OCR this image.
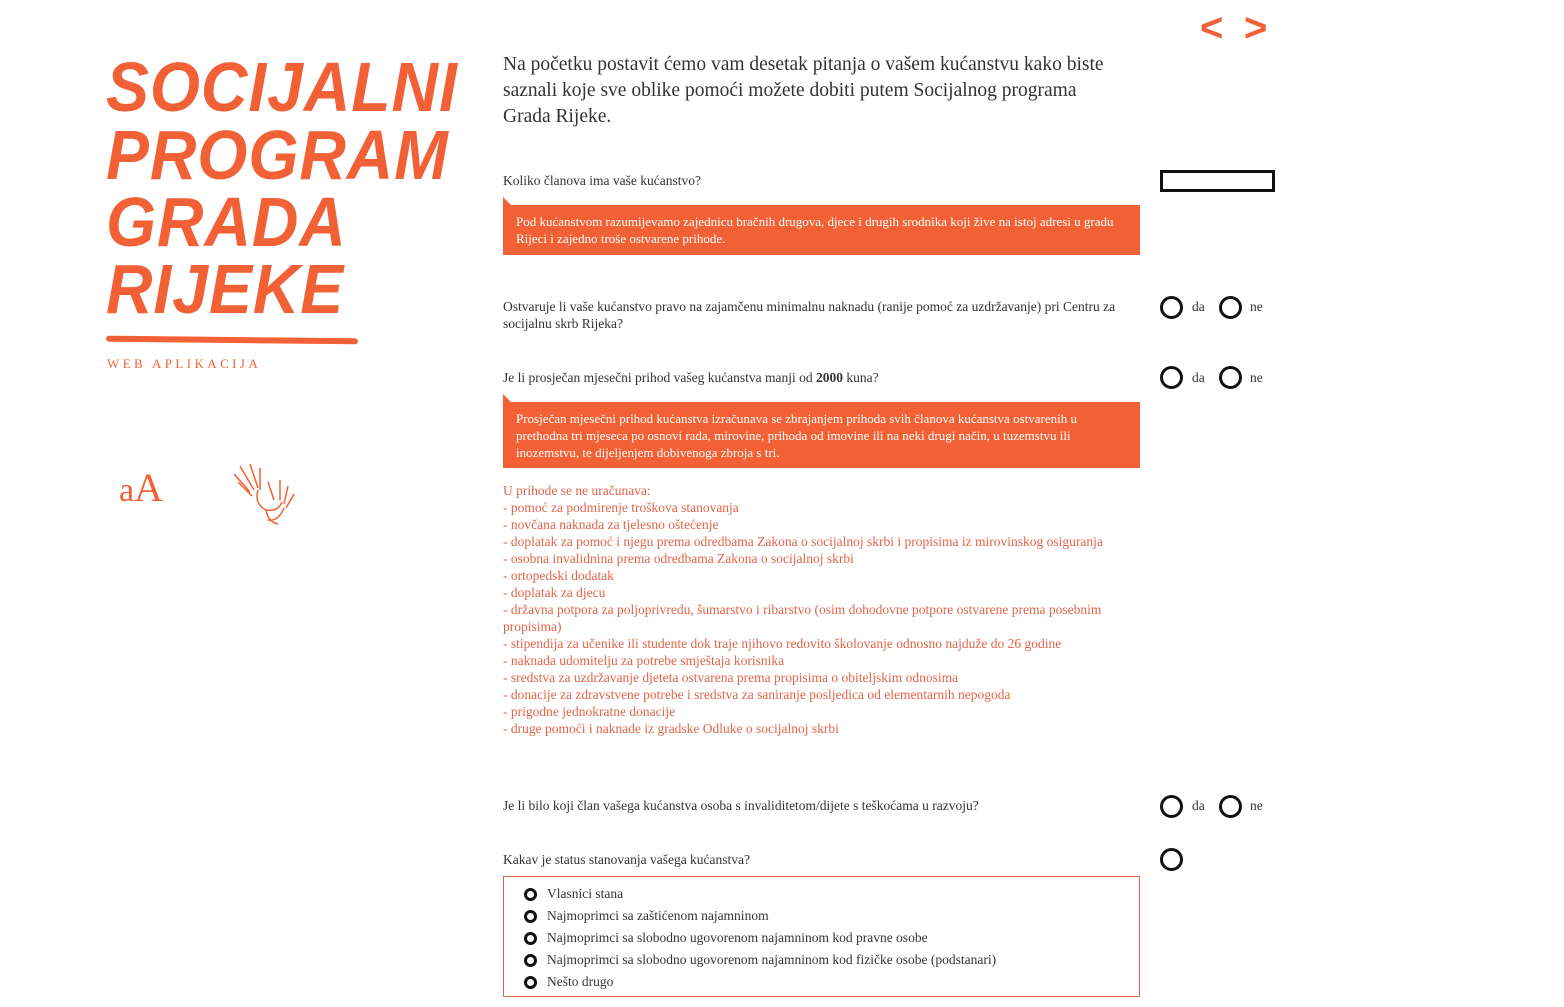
SOCIJALNI
PROGRAM
GRADA
RIJEKE
WEB APLIKACIJA
aA
< >
Na početku postavit ćemo vam desetak pitanja o vašem kućanstvu kako biste saznali koje sve oblike pomoći možete dobiti putem Socijalnog programa Grada Rijeke.
Koliko članova ima vaše kućanstvo?
Pod kućanstvom razumijevamo zajednicu bračnih drugova, djece i drugih srodnika koji žive na istoj adresi u gradu Rijeci i zajedno troše ostvarene prihode.
Ostvaruje li vaše kućanstvo pravo na zajamčenu minimalnu naknadu (ranije pomoć za uzdržavanje) pri Centru za socijalnu skrb Rijeka?
da	ne
Je li prosječan mjesečni prihod vašeg kućanstva manji od 2000 kuna?	da	ne
Prosječan mjesečni prihod kućanstva izračunava se zbrajanjem prihoda svih članova kućanstva ostvarenih u prethodna tri mjeseca po osnovi rada, mirovine, prihoda od imovine ili na neki drugi način, u tuzemstvu ili inozemstvu, te dijeljenjem dobivenoga zbroja s tri.
U prihode se ne uračunava:
- pomoć za podmirenje troškova stanovanja
- novčana naknada za tjelesno oštećenje
- doplatak za pomoć i njegu prema odredbama Zakona o socijalnoj skrbi i propisima iz mirovinskog osiguranja
- osobna invalidnina prema odredbama Zakona o socijalnoj skrbi
- ortopedski dodatak
- doplatak za djecu
- državna potpora za poljoprivredu, šumarstvo i ribarstvo (osim dohodovne potpore ostvarene prema posebnim propisima)
- stipendija za učenike ili studente dok traje njihovo redovito školovanje odnosno najduže do 26 godine
- naknada udomitelju za potrebe smještaja korisnika
- sredstva za uzdržavanje djeteta ostvarena prema propisima o obiteljskim odnosima
- donacije za zdravstvene potrebe i sredstva za saniranje posljedica od elementarnih nepogoda
- prigodne jednokratne donacije
- druge pomoći i naknade iz gradske Odluke o socijalnoj skrbi
Je li bilo koji član vašega kućanstva osoba s invaliditetom/dijete s teškoćama u razvoju?	da	ne
Kakav je status stanovanja vašega kućanstva?
Vlasnici stana
Najmoprimci sa zaštićenom najamninom
Najmoprimci sa slobodno ugovorenom najamninom kod pravne osobe
Najmoprimci sa slobodno ugovorenom najamninom kod fizičke osobe (podstanari)
Nešto drugo
